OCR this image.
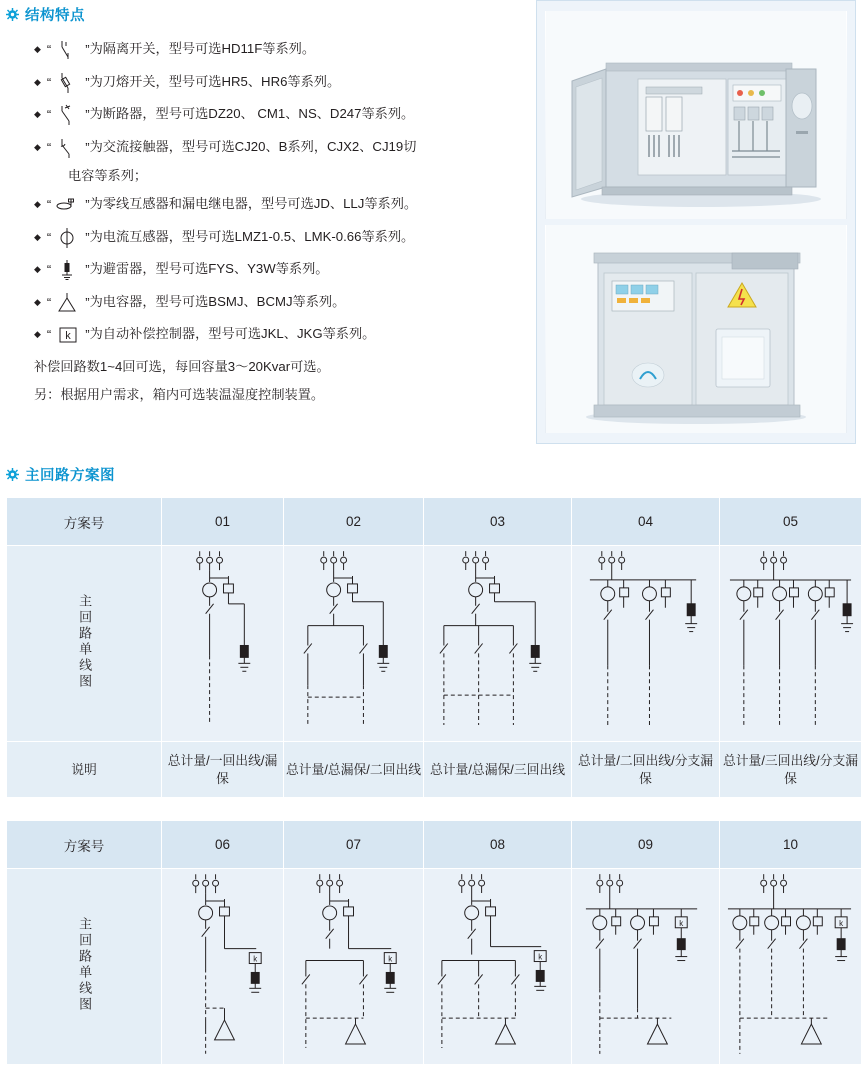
结构特点
◆ “	” 为隔离开关，型号可选HD11F等系列。
◆ “	” 为刀熔开关，型号可选HR5、HR6等系列。
◆ “	” 为断路器，型号可选DZ20、 CM1、NS、D247等系列。
◆ “	” 为交流接触器，型号可选CJ20、B系列，CJX2、CJ19切
电容等系列；
◆ “	” 为零线互感器和漏电继电器，型号可选JD、LLJ等系列。
◆ “	” 为电流互感器，型号可选LMZ1-0.5、LMK-0.66等系列。
◆ “	” 为避雷器，型号可选FYS、Y3W等系列。
◆ “	” 为电容器，型号可选BSMJ、BCMJ等系列。
◆ “ k ” 为自动补偿控制器，型号可选JKL、JKG等系列。
补偿回路数1~4回可选，每回容量3～20Kvar可选。
另：根据用户需求，箱内可选装温湿度控制装置。
主回路方案图
方案号	01	02	03	04	05
主回路单线图	

说明	总计量/一回出线/漏保	总计量/总漏保/二回出线	总计量/总漏保/三回出线	总计量/二回出线/分支漏保	总计量/三回出线/分支漏保
方案号	06	07	08	09	10
主回路单线图	k	k	k	k	k
